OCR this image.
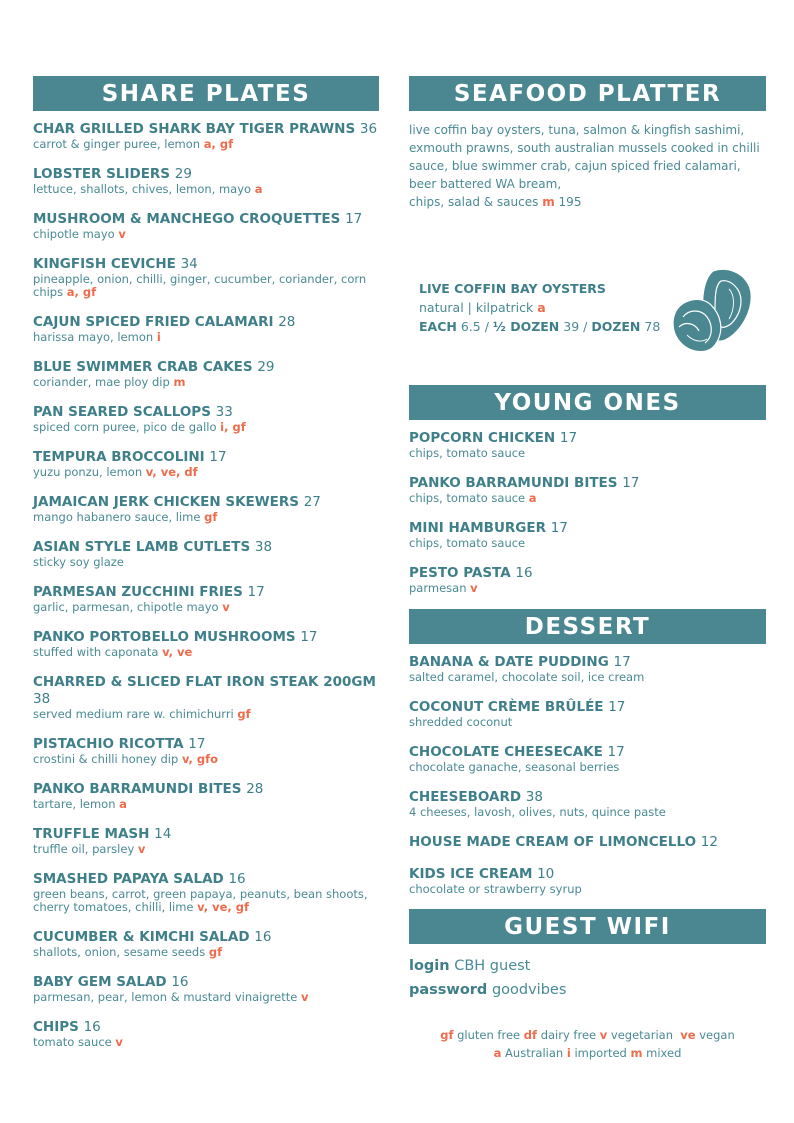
SHARE PLATES
CHAR GRILLED SHARK BAY TIGER PRAWNS 36
carrot & ginger puree, lemon a, gf
LOBSTER SLIDERS 29
lettuce, shallots, chives, lemon, mayo a
MUSHROOM & MANCHEGO CROQUETTES 17
chipotle mayo v
KINGFISH CEVICHE 34
pineapple, onion, chilli, ginger, cucumber, coriander, corn chips a, gf
CAJUN SPICED FRIED CALAMARI 28
harissa mayo, lemon i
BLUE SWIMMER CRAB CAKES 29
coriander, mae ploy dip m
PAN SEARED SCALLOPS 33
spiced corn puree, pico de gallo i, gf
TEMPURA BROCCOLINI 17
yuzu ponzu, lemon v, ve, df
JAMAICAN JERK CHICKEN SKEWERS 27
mango habanero sauce, lime gf
ASIAN STYLE LAMB CUTLETS 38
sticky soy glaze
PARMESAN ZUCCHINI FRIES 17
garlic, parmesan, chipotle mayo v
PANKO PORTOBELLO MUSHROOMS 17
stuffed with caponata v, ve
CHARRED & SLICED FLAT IRON STEAK 200GM 38
served medium rare w. chimichurri gf
PISTACHIO RICOTTA 17
crostini & chilli honey dip v, gfo
PANKO BARRAMUNDI BITES 28
tartare, lemon a
TRUFFLE MASH 14
truffle oil, parsley v
SMASHED PAPAYA SALAD 16
green beans, carrot, green papaya, peanuts, bean shoots, cherry tomatoes, chilli, lime v, ve, gf
CUCUMBER & KIMCHI SALAD 16
shallots, onion, sesame seeds gf
BABY GEM SALAD 16
parmesan, pear, lemon & mustard vinaigrette v
CHIPS 16
tomato sauce v
SEAFOOD PLATTER
live coffin bay oysters, tuna, salmon & kingfish sashimi,
exmouth prawns, south australian mussels cooked in chilli
sauce, blue swimmer crab, cajun spiced fried calamari,
beer battered WA bream,
chips, salad & sauces m 195
LIVE COFFIN BAY OYSTERS
natural | kilpatrick a
EACH 6.5 / ½ DOZEN 39 / DOZEN 78
YOUNG ONES
POPCORN CHICKEN 17
chips, tomato sauce
PANKO BARRAMUNDI BITES 17
chips, tomato sauce a
MINI HAMBURGER 17
chips, tomato sauce
PESTO PASTA 16
parmesan v
DESSERT
BANANA & DATE PUDDING 17
salted caramel, chocolate soil, ice cream
COCONUT CRÈME BRÛLÉE 17
shredded coconut
CHOCOLATE CHEESECAKE 17
chocolate ganache, seasonal berries
CHEESEBOARD 38
4 cheeses, lavosh, olives, nuts, quince paste
HOUSE MADE CREAM OF LIMONCELLO 12
KIDS ICE CREAM 10
chocolate or strawberry syrup
GUEST WIFI
login CBH guest
password goodvibes
gf gluten free df dairy free v vegetarian ve vegan
a Australian i imported m mixed
